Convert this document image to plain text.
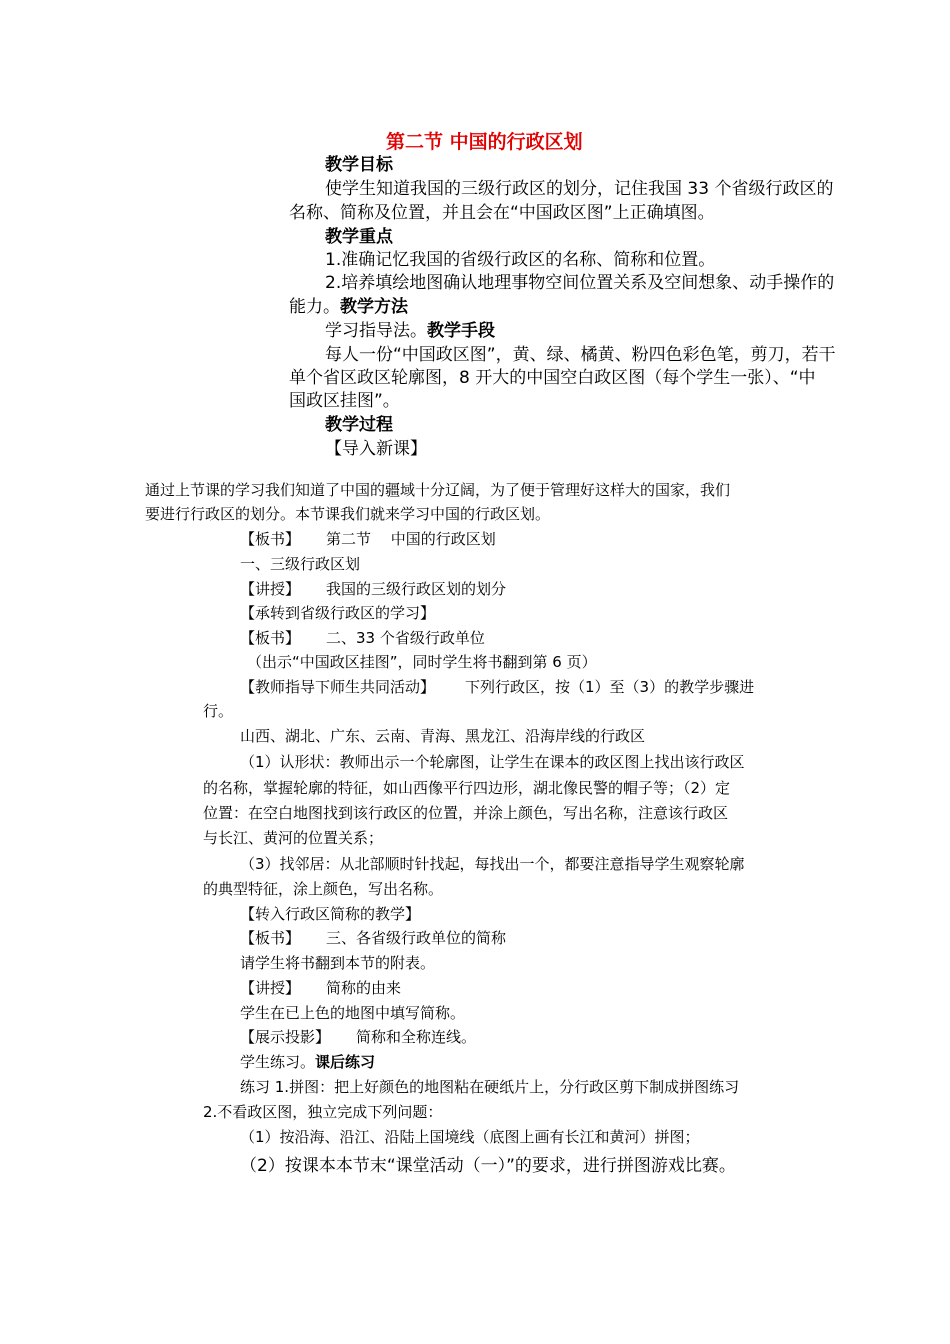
第二节 中国的行政区划
教学目标
使学生知道我国的三级行政区的划分，记住我国 33 个省级行政区的
名称、简称及位置，并且会在“中国政区图”上正确填图。
教学重点
1.准确记忆我国的省级行政区的名称、简称和位置。
2.培养填绘地图确认地理事物空间位置关系及空间想象、动手操作的
能力。教学方法
学习指导法。教学手段
每人一份“中国政区图”，黄、绿、橘黄、粉四色彩色笔，剪刀，若干
单个省区政区轮廓图，8 开大的中国空白政区图（每个学生一张）、“中
国政区挂图”。
教学过程
【导入新课】
通过上节课的学习我们知道了中国的疆域十分辽阔，为了便于管理好这样大的国家，我们
要进行行政区的划分。本节课我们就来学习中国的行政区划。
【板书】 第二节　 中国的行政区划
一、三级行政区划
【讲授】 我国的三级行政区划的划分
【承转到省级行政区的学习】
【板书】 二、33 个省级行政单位
（出示“中国政区挂图”，同时学生将书翻到第 6 页）
【教师指导下师生共同活动】 下列行政区，按（1）至（3）的教学步骤进
行。
山西、湖北、广东、云南、青海、黑龙江、沿海岸线的行政区
（1）认形状：教师出示一个轮廓图，让学生在课本的政区图上找出该行政区
的名称，掌握轮廓的特征，如山西像平行四边形，湖北像民警的帽子等；（2）定
位置：在空白地图找到该行政区的位置，并涂上颜色，写出名称，注意该行政区
与长江、黄河的位置关系；
（3）找邻居：从北部顺时针找起，每找出一个，都要注意指导学生观察轮廓
的典型特征，涂上颜色，写出名称。
【转入行政区简称的教学】
【板书】 三、各省级行政单位的简称
请学生将书翻到本节的附表。
【讲授】 简称的由来
学生在已上色的地图中填写简称。
【展示投影】 简称和全称连线。
学生练习。课后练习
练习 1.拼图：把上好颜色的地图粘在硬纸片上，分行政区剪下制成拼图练习
2.不看政区图，独立完成下列问题：
（1）按沿海、沿江、沿陆上国境线（底图上画有长江和黄河）拼图；
（2）按课本本节末“课堂活动（一）”的要求，进行拼图游戏比赛。
